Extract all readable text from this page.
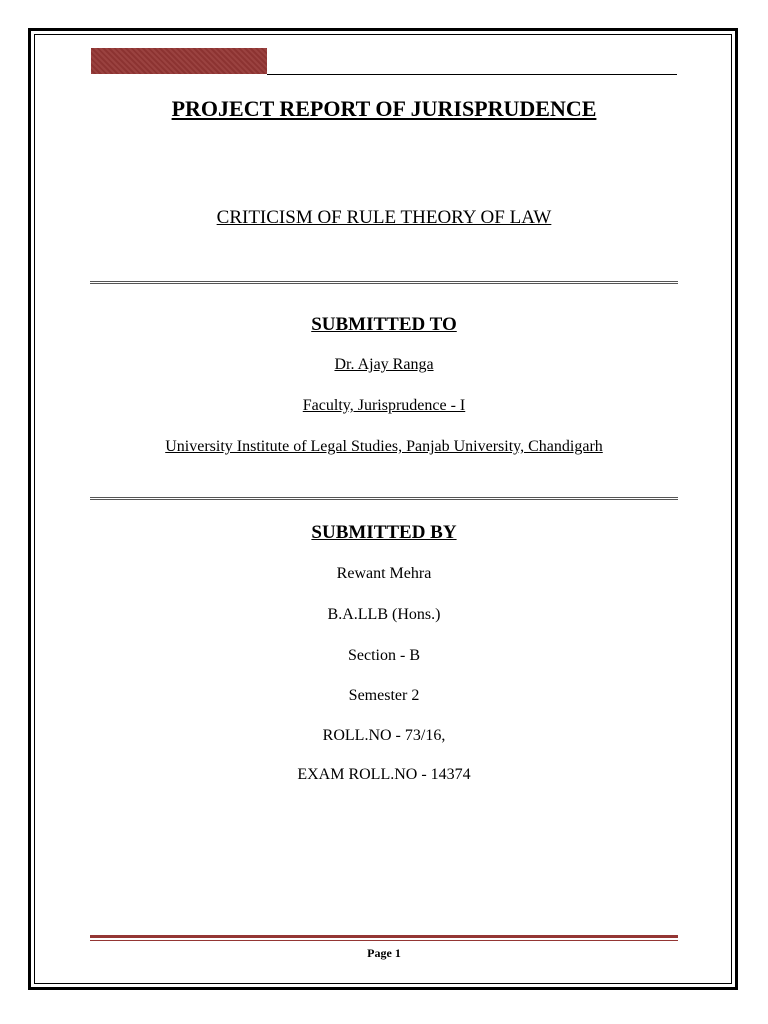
PROJECT REPORT OF JURISPRUDENCE
CRITICISM OF RULE THEORY OF LAW
SUBMITTED TO
Dr. Ajay Ranga
Faculty, Jurisprudence - I
University Institute of Legal Studies, Panjab University, Chandigarh
SUBMITTED BY
Rewant Mehra
B.A.LLB (Hons.)
Section - B
Semester 2
ROLL.NO - 73/16,
EXAM ROLL.NO - 14374
Page 1
